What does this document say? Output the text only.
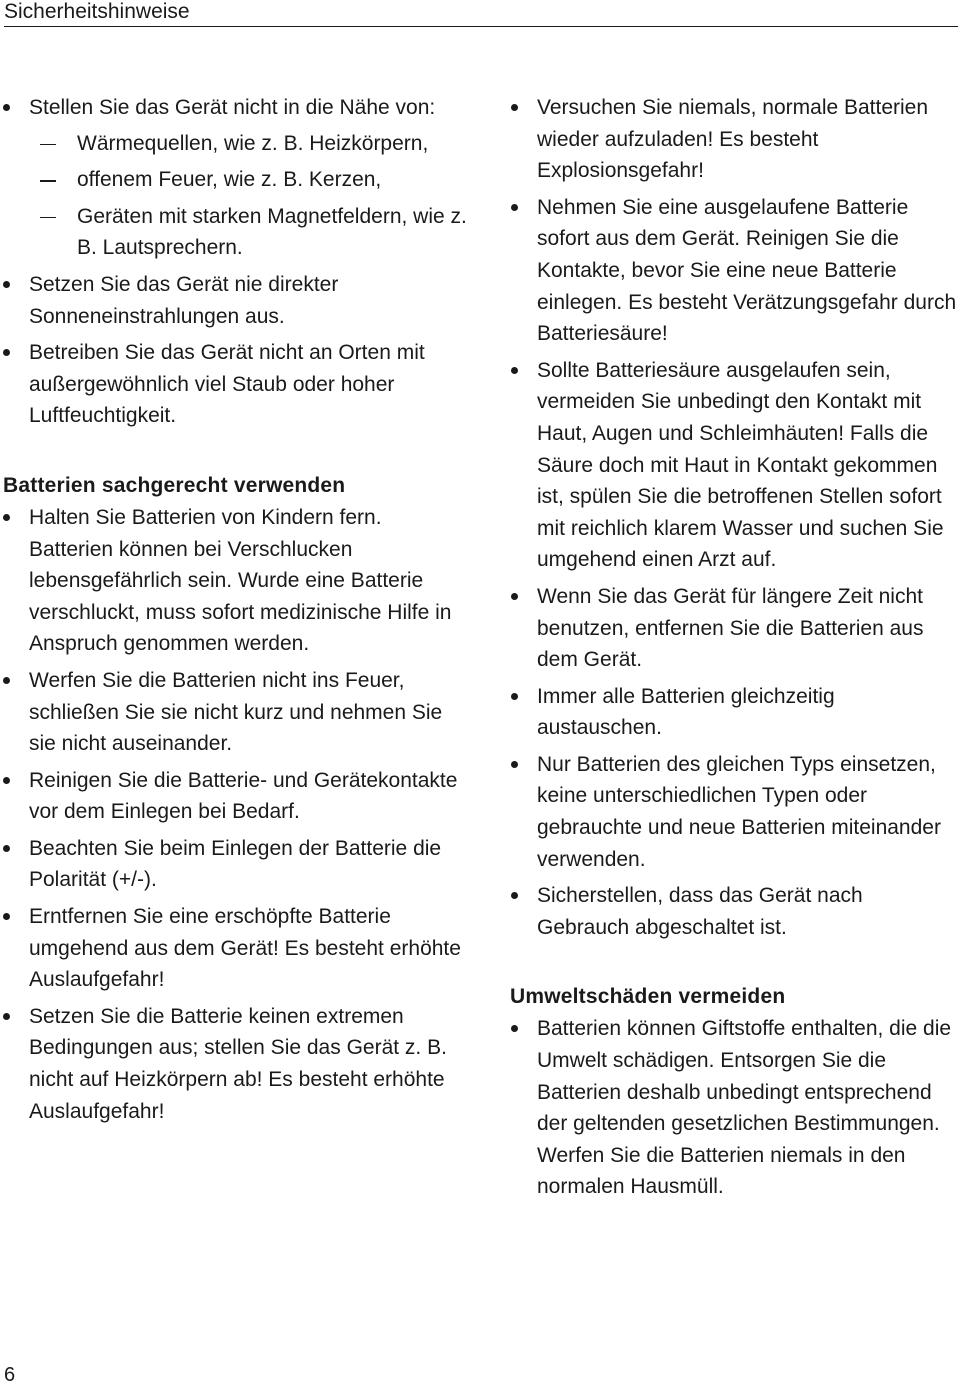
Sicherheitshinweise
Stellen Sie das Gerät nicht in die Nähe von:
Wärmequellen, wie z. B. Heizkörpern,
offenem Feuer, wie z. B. Kerzen,
Geräten mit starken Magnetfeldern, wie z. B. Lautsprechern.
Setzen Sie das Gerät nie direkter Sonneneinstrahlungen aus.
Betreiben Sie das Gerät nicht an Orten mit außergewöhnlich viel Staub oder hoher Luftfeuchtigkeit.
Batterien sachgerecht verwenden
Halten Sie Batterien von Kindern fern. Batterien können bei Verschlucken lebensgefährlich sein. Wurde eine Batterie verschluckt, muss sofort medizinische Hilfe in Anspruch genommen werden.
Werfen Sie die Batterien nicht ins Feuer, schließen Sie sie nicht kurz und nehmen Sie sie nicht auseinander.
Reinigen Sie die Batterie- und Gerätekontakte vor dem Einlegen bei Bedarf.
Beachten Sie beim Einlegen der Batterie die Polarität (+/-).
Erntfernen Sie eine erschöpfte Batterie umgehend aus dem Gerät! Es besteht erhöhte Auslaufgefahr!
Setzen Sie die Batterie keinen extremen Bedingungen aus; stellen Sie das Gerät z. B. nicht auf Heizkörpern ab! Es besteht erhöhte Auslaufgefahr!
Versuchen Sie niemals, normale Batterien wieder aufzuladen! Es besteht Explosionsgefahr!
Nehmen Sie eine ausgelaufene Batterie sofort aus dem Gerät. Reinigen Sie die Kontakte, bevor Sie eine neue Batterie einlegen. Es besteht Verätzungsgefahr durch Batteriesäure!
Sollte Batteriesäure ausgelaufen sein, vermeiden Sie unbedingt den Kontakt mit Haut, Augen und Schleimhäuten! Falls die Säure doch mit Haut in Kontakt gekommen ist, spülen Sie die betroffenen Stellen sofort mit reichlich klarem Wasser und suchen Sie umgehend einen Arzt auf.
Wenn Sie das Gerät für längere Zeit nicht benutzen, entfernen Sie die Batterien aus dem Gerät.
Immer alle Batterien gleichzeitig austauschen.
Nur Batterien des gleichen Typs einsetzen, keine unterschiedlichen Typen oder gebrauchte und neue Batterien miteinander verwenden.
Sicherstellen, dass das Gerät nach Gebrauch abgeschaltet ist.
Umweltschäden vermeiden
Batterien können Giftstoffe enthalten, die die Umwelt schädigen. Entsorgen Sie die Batterien deshalb unbedingt entsprechend der geltenden gesetzlichen Bestimmungen. Werfen Sie die Batterien niemals in den normalen Hausmüll.
6
